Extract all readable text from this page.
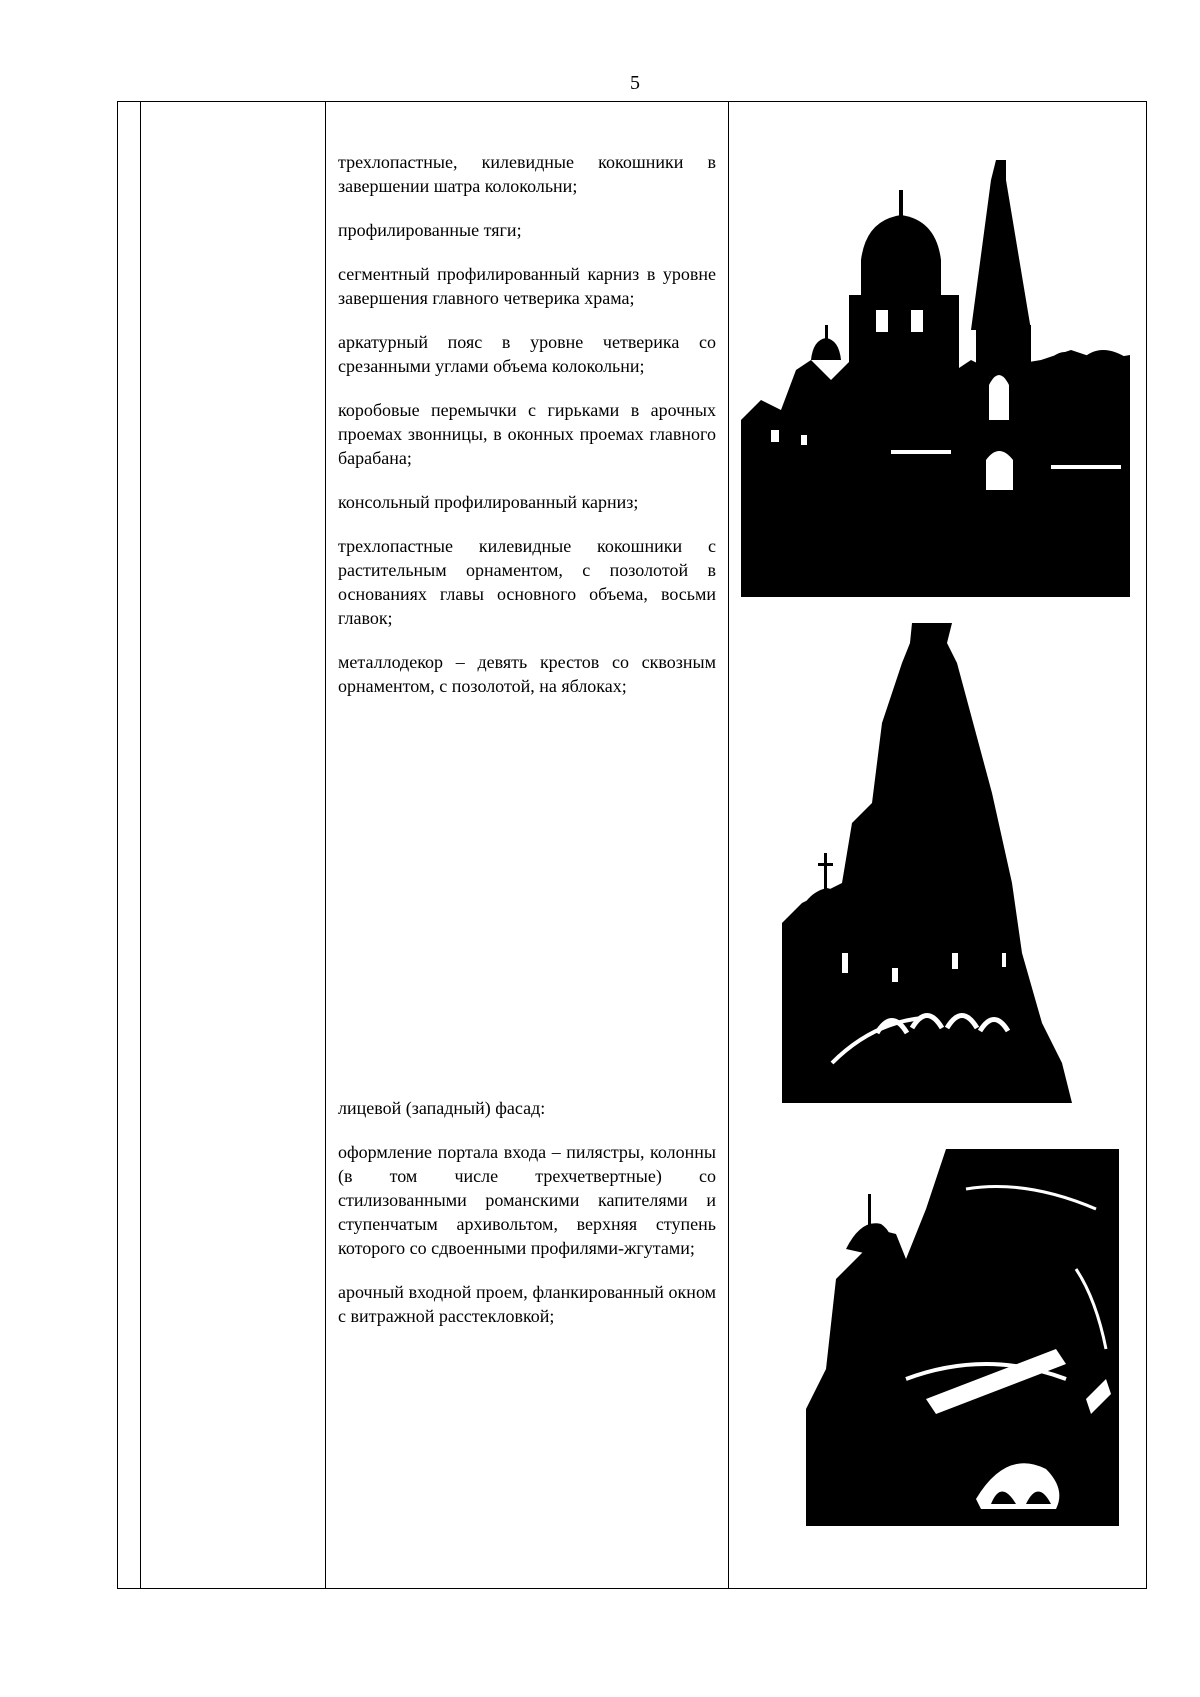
5

трехлопастные, килевидные кокошники в завершении шатра колокольни;

профилированные тяги;

сегментный профилированный карниз в уровне завершения главного четверика храма;

аркатурный пояс в уровне четверика со срезанными углами объема колокольни;

коробовые перемычки с гирьками в арочных проемах звонницы, в оконных проемах главного барабана;

консольный профилированный карниз;

трехлопастные килевидные кокошники с растительным орнаментом, с позолотой в основаниях главы основного объема, восьми главок;

металлодекор – девять крестов со сквозным орнаментом, с позолотой, на яблоках;

лицевой (западный) фасад:

оформление портала входа – пилястры, колонны (в том числе трехчетвертные) со стилизованными романскими капителями и ступенчатым архивольтом, верхняя ступень которого со сдвоенными профилями-жгутами;

арочный входной проем, фланкированный окном с витражной расстекловкой;
